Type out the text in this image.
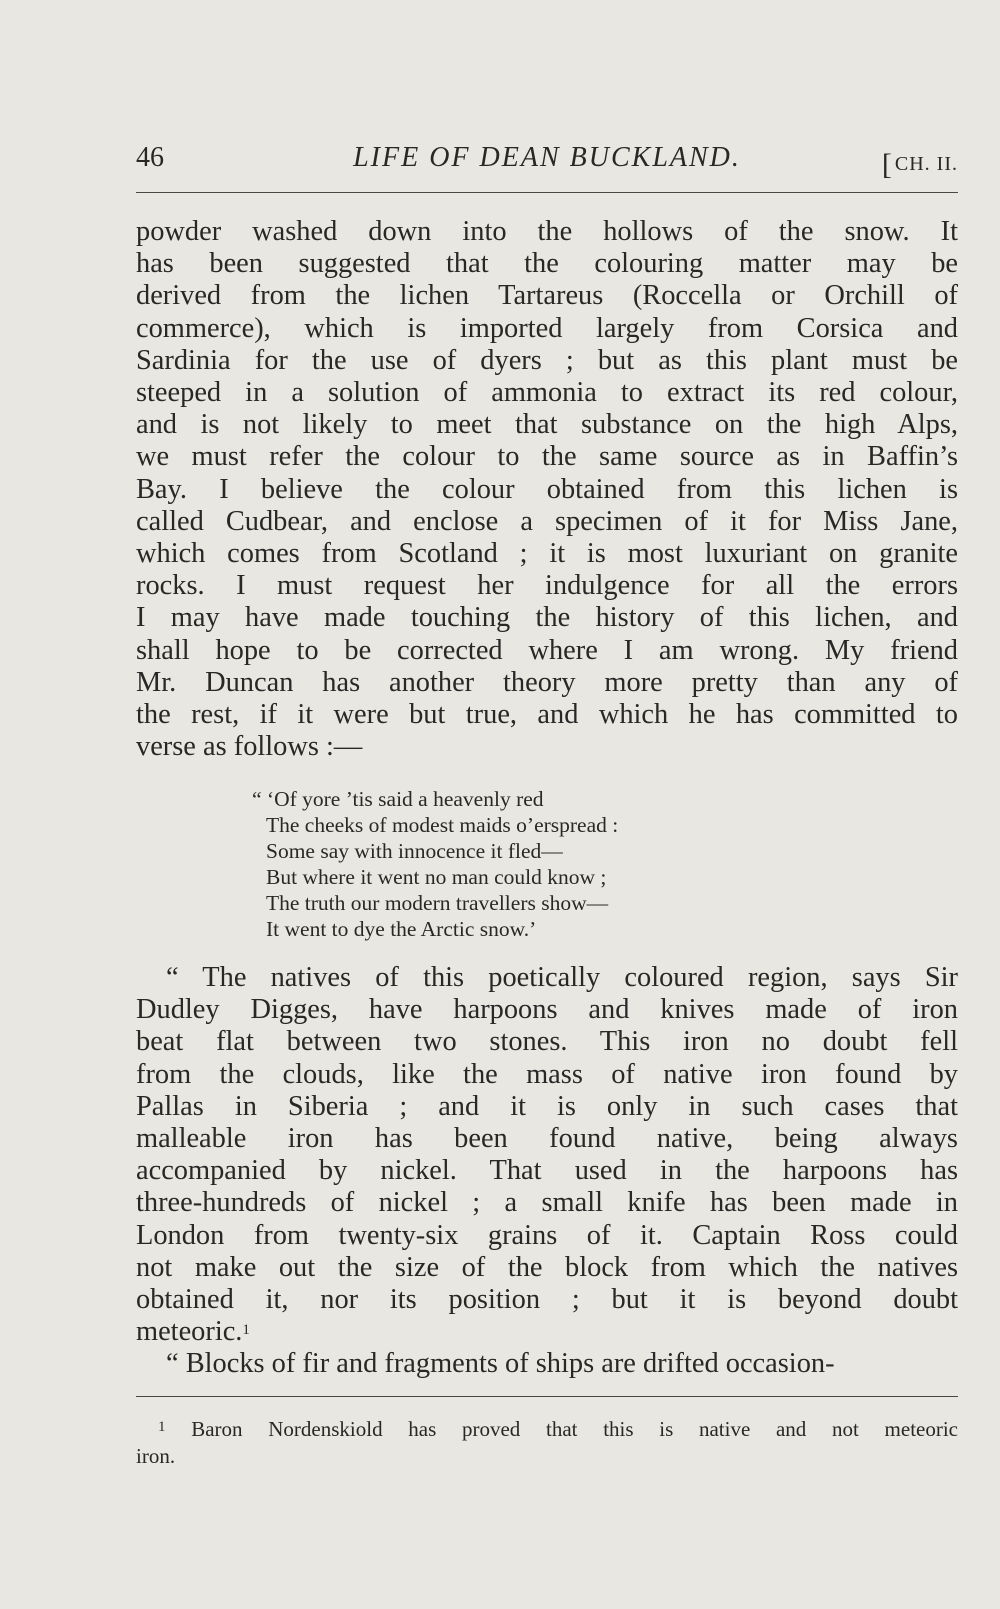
46	LIFE OF DEAN BUCKLAND.
[	CH. II.
powder washed down into the hollows of the snow. It
has been suggested that the colouring matter may be
derived from the lichen Tartareus (Roccella or Orchill of
commerce), which is imported largely from Corsica and
Sardinia for the use of dyers ; but as this plant must be
steeped in a solution of ammonia to extract its red colour,
and is not likely to meet that substance on the high Alps,
we must refer the colour to the same source as in Baffin’s
Bay. I believe the colour obtained from this lichen is
called Cudbear, and enclose a specimen of it for Miss Jane,
which comes from Scotland ; it is most luxuriant on granite
rocks. I must request her indulgence for all the errors
I may have made touching the history of this lichen, and
shall hope to be corrected where I am wrong. My friend
Mr. Duncan has another theory more pretty than any of
the rest, if it were but true, and which he has committed to
verse as follows :—
“ ‘Of yore ’tis said a heavenly red
The cheeks of modest maids o’erspread :
Some say with innocence it fled—
But where it went no man could know ;
The truth our modern travellers show—
It went to dye the Arctic snow.’
“ The natives of this poetically coloured region, says Sir
Dudley Digges, have harpoons and knives made of iron
beat flat between two stones. This iron no doubt fell
from the clouds, like the mass of native iron found by
Pallas in Siberia ; and it is only in such cases that
malleable iron has been found native, being always
accompanied by nickel. That used in the harpoons has
three-hundreds of nickel ; a small knife has been made in
London from twenty-six grains of it. Captain Ross could
not make out the size of the block from which the natives
obtained it, nor its position ; but it is beyond doubt
meteoric.$^1$
“ Blocks of fir and fragments of ships are drifted occasion-
$^1$ Baron Nordenskiold has proved that this is native and not meteoric
iron.
